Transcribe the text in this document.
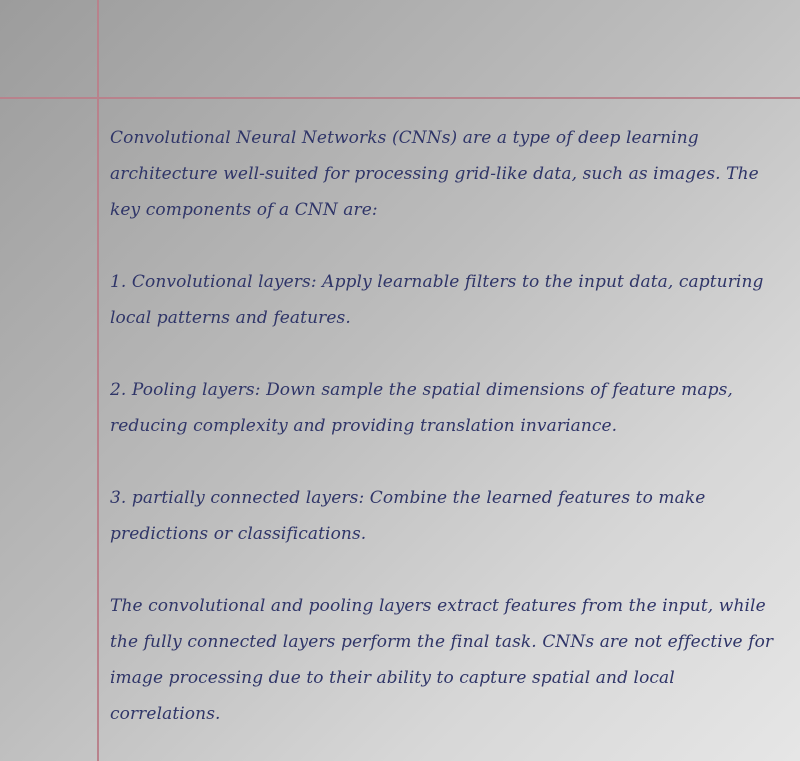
Convolutional Neural Networks (CNNs) are a type of deep learning architecture well-suited for processing grid-like data, such as images. The key components of a CNN are:

1. Convolutional layers: Apply learnable filters to the input data, capturing local patterns and features.

2. Pooling layers: Down sample the spatial dimensions of feature maps, reducing complexity and providing translation invariance.

3. partially connected layers: Combine the learned features to make predictions or classifications.

The convolutional and pooling layers extract features from the input, while the fully connected layers perform the final task. CNNs are not effective for image processing due to their ability to capture spatial and local correlations.
